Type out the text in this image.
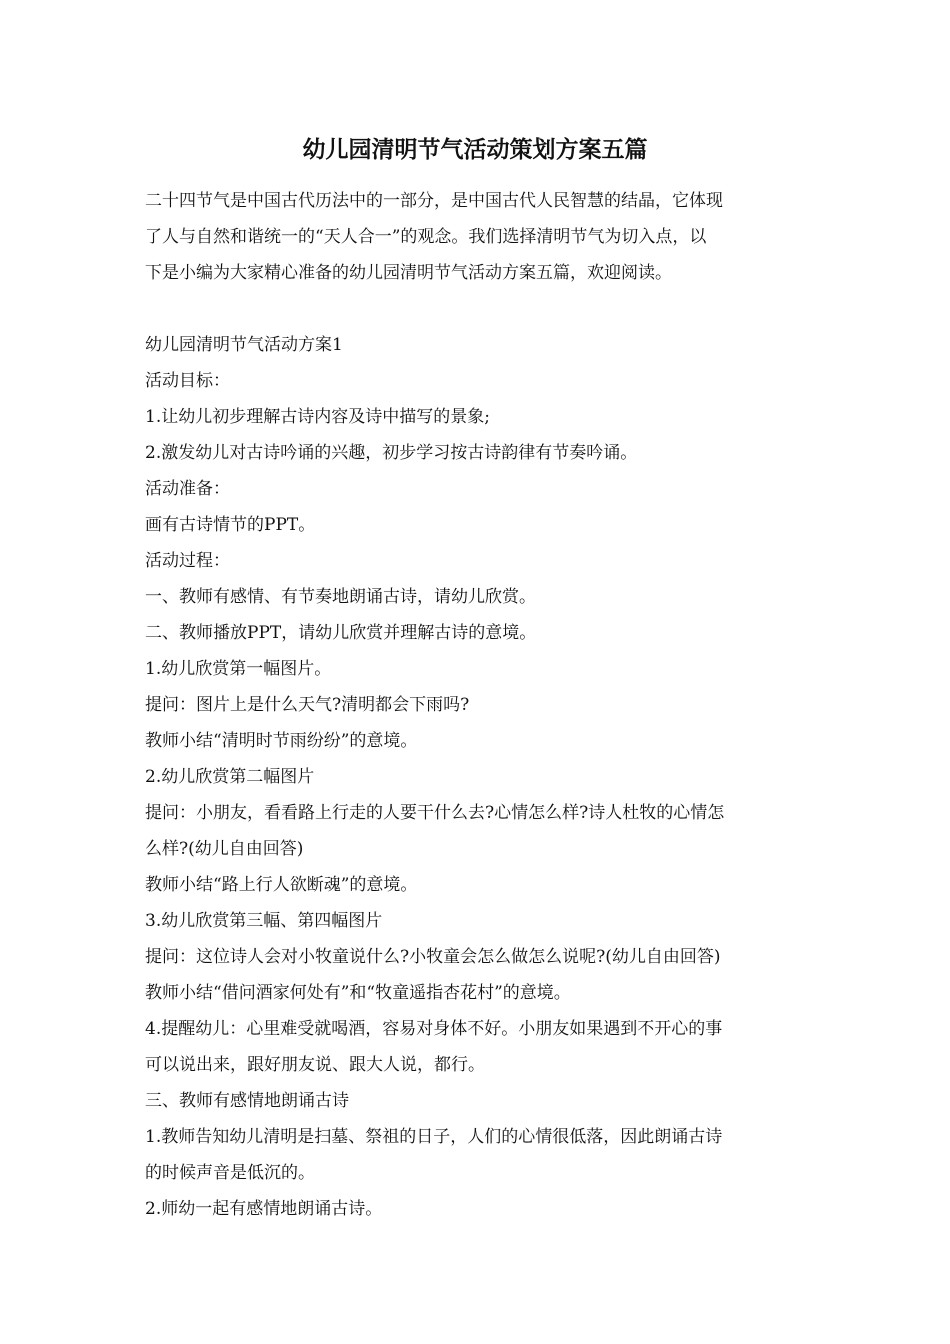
幼儿园清明节气活动策划方案五篇

二十四节气是中国古代历法中的一部分，是中国古代人民智慧的结晶，它体现

了人与自然和谐统一的“天人合一”的观念。我们选择清明节气为切入点，以

下是小编为大家精心准备的幼儿园清明节气活动方案五篇，欢迎阅读。

幼儿园清明节气活动方案1

活动目标：

1.让幼儿初步理解古诗内容及诗中描写的景象;

2.激发幼儿对古诗吟诵的兴趣，初步学习按古诗韵律有节奏吟诵。

活动准备：

画有古诗情节的PPT。

活动过程：

一、教师有感情、有节奏地朗诵古诗，请幼儿欣赏。

二、教师播放PPT，请幼儿欣赏并理解古诗的意境。

1.幼儿欣赏第一幅图片。

提问：图片上是什么天气?清明都会下雨吗?

教师小结“清明时节雨纷纷”的意境。

2.幼儿欣赏第二幅图片

提问：小朋友，看看路上行走的人要干什么去?心情怎么样?诗人杜牧的心情怎

么样?(幼儿自由回答)

教师小结“路上行人欲断魂”的意境。

3.幼儿欣赏第三幅、第四幅图片

提问：这位诗人会对小牧童说什么?小牧童会怎么做怎么说呢?(幼儿自由回答)

教师小结“借问酒家何处有”和“牧童遥指杏花村”的意境。

4.提醒幼儿：心里难受就喝酒，容易对身体不好。小朋友如果遇到不开心的事

可以说出来，跟好朋友说、跟大人说，都行。

三、教师有感情地朗诵古诗

1.教师告知幼儿清明是扫墓、祭祖的日子，人们的心情很低落，因此朗诵古诗

的时候声音是低沉的。

2.师幼一起有感情地朗诵古诗。
